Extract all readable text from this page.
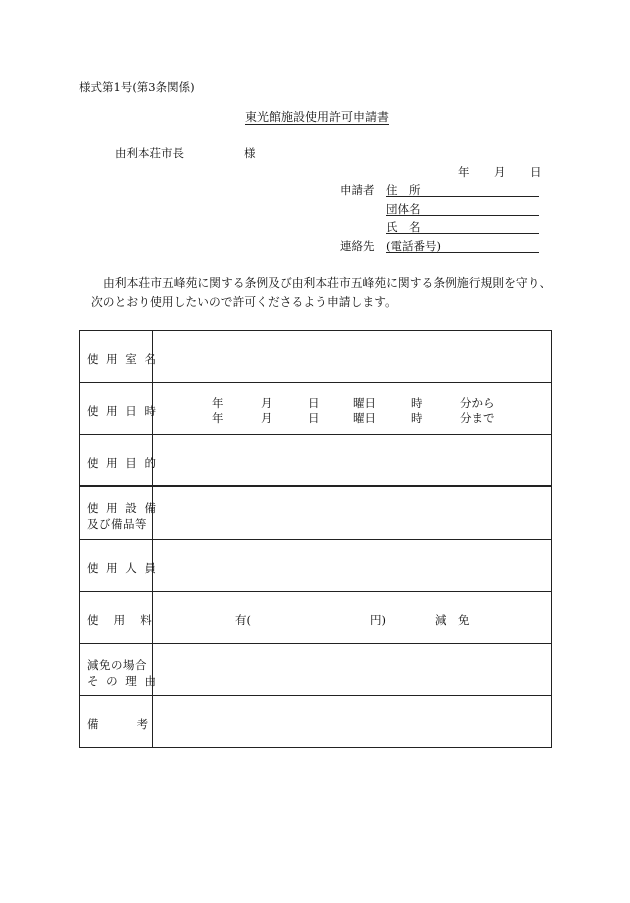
様式第1号(第3条関係)
東光館施設使用許可申請書
由利本荘市長	様
年 月 日
申請者 住　所
団体名
氏　名
連絡先 (電話番号)
由利本荘市五峰苑に関する条例及び由利本荘市五峰苑に関する条例施行規則を守り、
次のとおり使用したいので許可くださるよう申請します。
使 用 室 名
使 用 日 時
年	月	日	曜日	時	分から
年	月	日	曜日	時	分まで
使 用 目 的
使 用 設 備
及び備品等
使 用 人 員
使　 用　 料	有(	円)	減　免
減免の場合
そ の 理 由
備　　　 考
